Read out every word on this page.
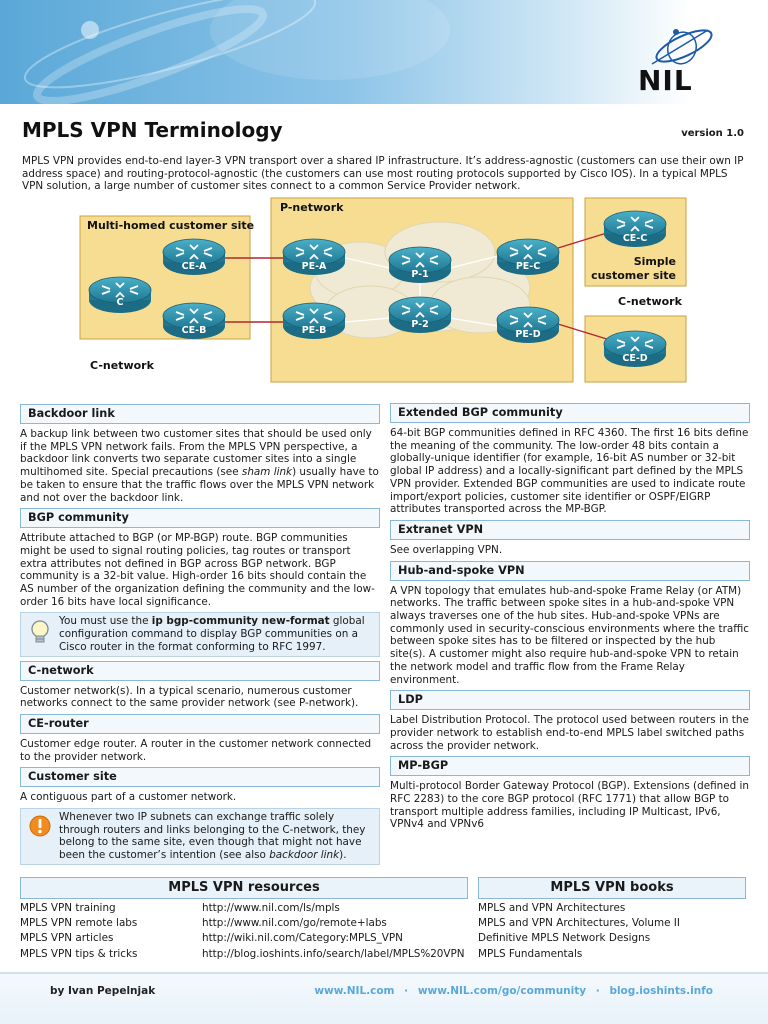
NIL
MPLS VPN Terminology	version 1.0
MPLS VPN provides end-to-end layer-3 VPN transport over a shared IP infrastructure. It’s address-agnostic (customers can use their own IP address space) and routing-protocol-agnostic (the customers can use most routing protocols supported by Cisco IOS). In a typical MPLS VPN solution, a large number of customer sites connect to a common Service Provider network.
C
CE-A
CE-B
PE-A
PE-B
P-1
P-2
PE-C
PE-D
CE-C
CE-D
Multi-homed customer site
P-network
C-network
C-network
Simple
customer site
Backdoor link
A backup link between two customer sites that should be used only if the MPLS VPN network fails. From the MPLS VPN perspective, a backdoor link converts two separate customer sites into a single multihomed site. Special precautions (see sham link) usually have to be taken to ensure that the traffic flows over the MPLS VPN network and not over the backdoor link.
BGP community
Attribute attached to BGP (or MP-BGP) route. BGP communities might be used to signal routing policies, tag routes or transport extra attributes not defined in BGP across BGP network. BGP community is a 32-bit value. High-order 16 bits should contain the AS number of the organization defining the community and the low-order 16 bits have local significance.
You must use the ip bgp-community new-format global configuration command to display BGP communities on a Cisco router in the format conforming to RFC 1997.
C-network
Customer network(s). In a typical scenario, numerous customer networks connect to the same provider network (see P-network).
CE-router
Customer edge router. A router in the customer network connected to the provider network.
Customer site
A contiguous part of a customer network.
Whenever two IP subnets can exchange traffic solely through routers and links belonging to the C-network, they belong to the same site, even though that might not have been the customer’s intention (see also backdoor link).
Extended BGP community
64-bit BGP communities defined in RFC 4360. The first 16 bits define the meaning of the community. The low-order 48 bits contain a globally-unique identifier (for example, 16-bit AS number or 32-bit global IP address) and a locally-significant part defined by the MPLS VPN provider. Extended BGP communities are used to indicate route import/export policies, customer site identifier or OSPF/EIGRP attributes transported across the MP-BGP.
Extranet VPN
See overlapping VPN.
Hub-and-spoke VPN
A VPN topology that emulates hub-and-spoke Frame Relay (or ATM) networks. The traffic between spoke sites in a hub-and-spoke VPN always traverses one of the hub sites. Hub-and-spoke VPNs are commonly used in security-conscious environments where the traffic between spoke sites has to be filtered or inspected by the hub site(s). A customer might also require hub-and-spoke VPN to retain the network model and traffic flow from the Frame Relay environment.
LDP
Label Distribution Protocol. The protocol used between routers in the provider network to establish end-to-end MPLS label switched paths across the provider network.
MP-BGP
Multi-protocol Border Gateway Protocol (BGP). Extensions (defined in RFC 2283) to the core BGP protocol (RFC 1771) that allow BGP to transport multiple address families, including IP Multicast, IPv6, VPNv4 and VPNv6
MPLS VPN resources
MPLS VPN training	http://www.nil.com/ls/mpls
MPLS VPN remote labs	http://www.nil.com/go/remote+labs
MPLS VPN articles	http://wiki.nil.com/Category:MPLS_VPN
MPLS VPN tips & tricks	http://blog.ioshints.info/search/label/MPLS%20VPN
MPLS VPN books
MPLS and VPN Architectures
MPLS and VPN Architectures, Volume II
Definitive MPLS Network Designs
MPLS Fundamentals
by Ivan Pepelnjak	www.NIL.com · www.NIL.com/go/community · blog.ioshints.info
